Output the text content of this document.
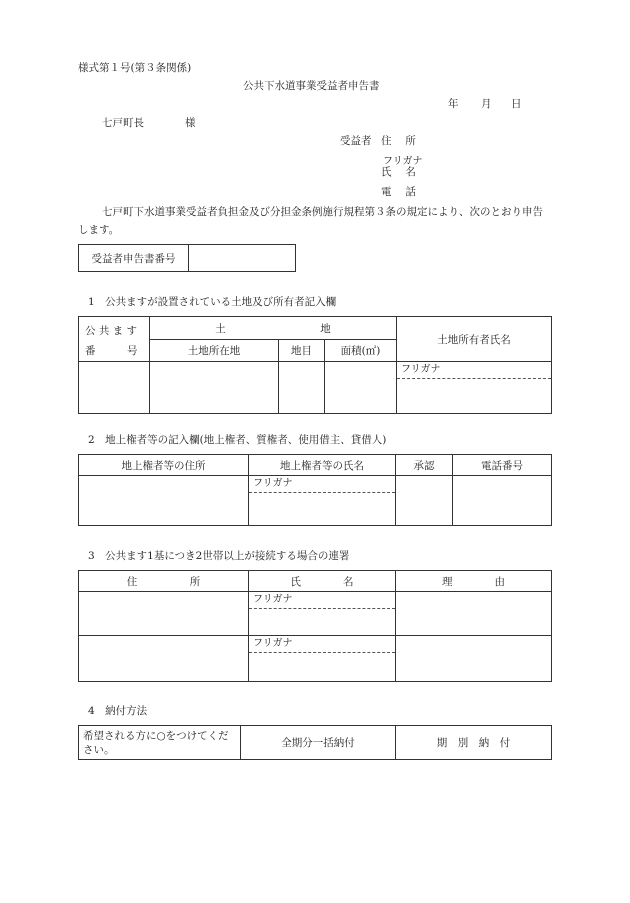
様式第１号(第３条関係)
公共下水道事業受益者申告書
年 月 日
七戸町長	様
受益者 住　 所
フリガナ
氏　 名
電　 話
七戸町下水道事業受益者負担金及び分担金条例施行規程第３条の規定により、次のとおり申告
します。
受益者申告書番号	
1　公共ますが設置されている土地及び所有者記入欄
公 共 ま す
番　　　号	土　　　　　　　　　地			土地所有者氏名
	土地所在地	地目	面積(㎡)	

				フリガナ
2　地上権者等の記入欄(地上権者、質権者、使用借主、貸借人)
地上権者等の住所	地上権者等の氏名	承認	電話番号

	フリガナ		

3　公共ます1基につき2世帯以上が接続する場合の連署
住　　　　　所	氏　　　　名	理　　　　由

	フリガナ	

	フリガナ	

4　納付方法
希望される方に○をつけてください。	全期分一括納付	期　別　納　付
